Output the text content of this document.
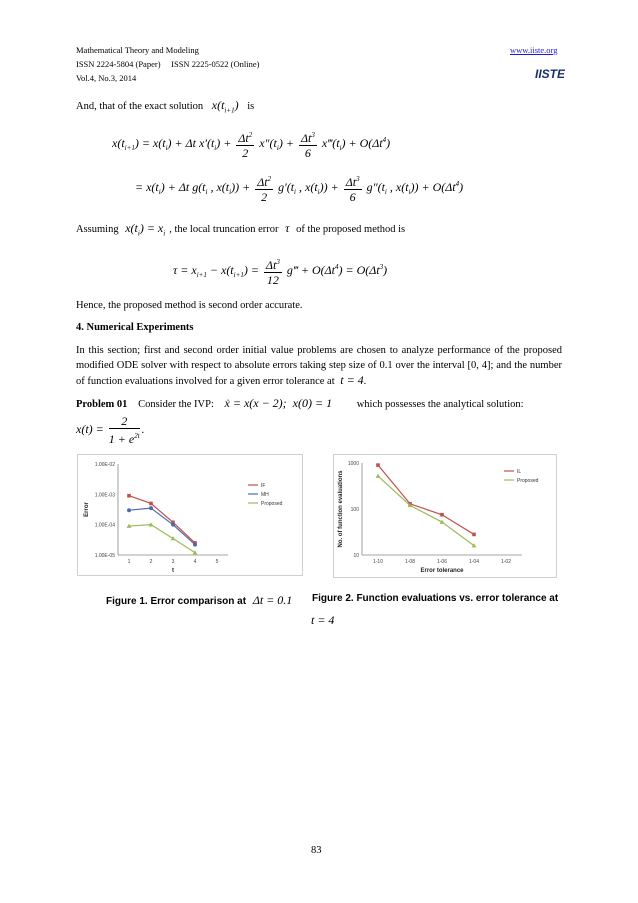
Mathematical Theory and Modeling
ISSN 2224-5804 (Paper)     ISSN 2225-0522 (Online)
Vol.4, No.3, 2014
www.iiste.org
IISTE
And, that of the exact solution $x(t_{i+1})$ is
$x(t_{i+1}) = x(t_i) + \Delta t$ $x'(t_i) + \frac{\Delta t^2}{2} x''(t_i) + \frac{\Delta t^3}{6}$ $x‴(t_i) + O(\Delta t^4)$
= $x(t_i) + \Delta t$ $g(t_i$ , $x(t_i)) + \frac{\Delta t^2}{2} g'(t_i$ , $x(t_i)) + \frac{\Delta t^3}{6} g''(t_i$ , $x(t_i)) + O(\Delta t^4)$
Assuming $x(t_i) = x_i$ , the local truncation error τ of the proposed method is
$\tau = x_{i+1} - x(t_{i+1}) = \frac{\Delta t^3}{12}$ g‴ + $O(\Delta t^4) = O(\Delta t^3)$
Hence, the proposed method is second order accurate.
4. Numerical Experiments
In this section; first and second order initial value problems are chosen to analyze performance of the proposed modified ODE solver with respect to absolute errors taking step size of 0.1 over the interval [0, 4]; and the number of function evaluations involved for a given error tolerance at t = 4.
Problem 01 Consider the IVP: ẋ = x(x − 2);  x(0) = 1 which possesses the analytical solution:
$x(t) = \frac{2}{1 + e^{2t}}$ .
1.00E-02
1.00E-03
1.00E-04
1.00E-05
1	2	3	4	5
t
Error
IF
MH
Proposed
1000
100
10
1-10	1-08	1-06	1-04	1-02
Error tolerance
No. of function evaluations	IL
Proposed
Figure 1. Error comparison at Δt = 0.1 Figure 2. Function evaluations vs. error tolerance at
t = 4
83
